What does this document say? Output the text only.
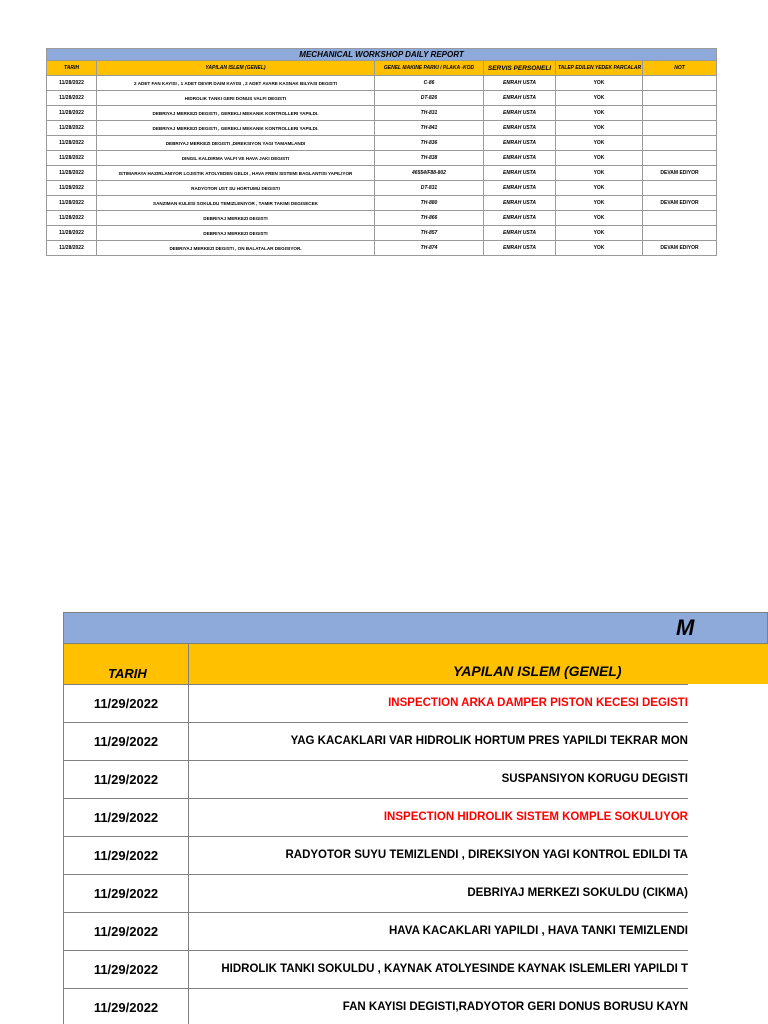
MECHANICAL WORKSHOP DAILY REPORT					
TARIH	YAPILAN ISLEM (GENEL)	GENEL MAKINE PARKI / PLAKA -KOD	SERVIS PERSONELI	TALEP EDILEN YEDEK PARCALAR	NOT
11/28/2022	2 ADET FAN KAYISI , 1 ADET DEVIR DAIM KAYISI , 2 ADET AVARE KASNAK BILYASI DEGISTI	C-86	EMRAH USTA	YOK	
11/28/2022	HIDROLIK TANKI GERI DONUS VALFI DEGISTI	DT-826	EMRAH USTA	YOK	
11/28/2022	DEBRIYAJ MERKEZI DEGISTI , GEREKLI MEKANIK KONTROLLERI YAPILDI.	TH-831	EMRAH USTA	YOK	
11/28/2022	DEBRIYAJ MERKEZI DEGISTI , GEREKLI MEKANIK KONTROLLERI YAPILDI.	TH-841	EMRAH USTA	YOK	
11/28/2022	DEBRIYAJ MERKEZI DEGISTI ,DIREKSIYON YAGI TAMAMLANDI	TH-836	EMRAH USTA	YOK	
11/28/2022	DINGIL KALDIRMA VALFI VE HAVA JAKI DEGISTI	TH-838	EMRAH USTA	YOK	
11/28/2022	ISTIMARAYA HAZIRLANIYOR LOJISTIK ATOLYEDEN GELDI , HAVA FREN SISTEMI BAGLANTISI YAPILIYOR	46554/F88-802	EMRAH USTA	YOK	DEVAM EDIYOR
11/28/2022	RADYOTOR UST SU HORTUMU DEGISTI	DT-831	EMRAH USTA	YOK	
11/28/2022	SANZIMAN KULESI SOKULDU TEMIZLENIYOR , TAMIR TAKIMI DEGISECEK	TH-880	EMRAH USTA	YOK	DEVAM EDIYOR
11/28/2022	DEBRIYAJ MERKEZI DEGISTI	TH-866	EMRAH USTA	YOK	
11/28/2022	DEBRIYAJ MERKEZI DEGISTI	TH-857	EMRAH USTA	YOK	
11/28/2022	DEBRIYAJ MERKEZI DEGISTI , ON BALATALAR DEGISIYOR.	TH-874	EMRAH USTA	YOK	DEVAM EDIYOR
M
TARIH	YAPILAN ISLEM (GENEL)
11/29/2022	INSPECTION ARKA DAMPER PISTON KECESI DEGISTI
11/29/2022	YAG KACAKLARI VAR HIDROLIK HORTUM PRES YAPILDI TEKRAR MON
11/29/2022	SUSPANSIYON KORUGU DEGISTI
11/29/2022	INSPECTION HIDROLIK SISTEM KOMPLE SOKULUYOR
11/29/2022	RADYOTOR SUYU TEMIZLENDI , DIREKSIYON YAGI KONTROL EDILDI TA
11/29/2022	DEBRIYAJ MERKEZI SOKULDU (CIKMA)
11/29/2022	HAVA KACAKLARI YAPILDI , HAVA TANKI TEMIZLENDI
11/29/2022	HIDROLIK TANKI SOKULDU , KAYNAK ATOLYESINDE KAYNAK ISLEMLERI YAPILDI T
11/29/2022	FAN KAYISI DEGISTI,RADYOTOR GERI DONUS BORUSU KAYN
